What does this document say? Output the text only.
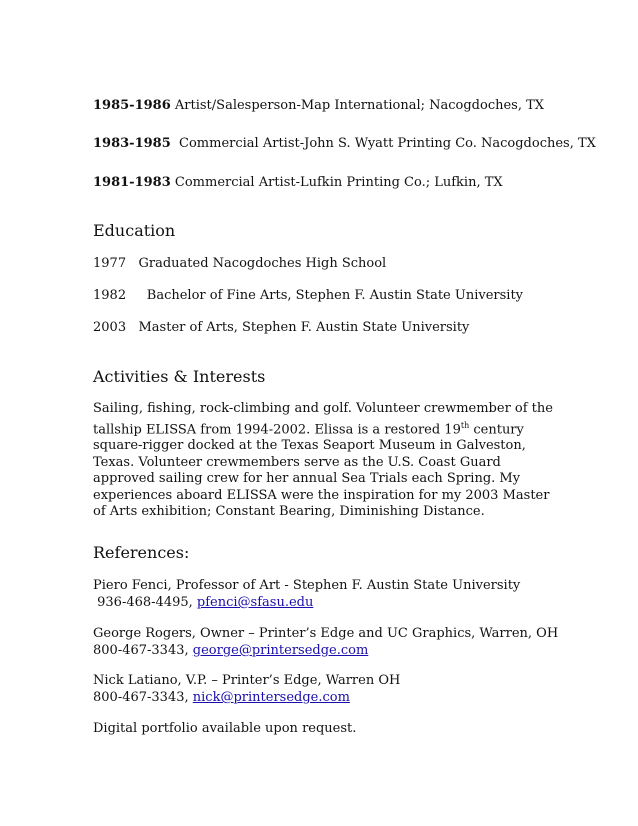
1985-1986 Artist/Salesperson-Map International; Nacogdoches, TX
1983-1985 Commercial Artist-John S. Wyatt Printing Co. Nacogdoches, TX
1981-1983 Commercial Artist-Lufkin Printing Co.; Lufkin, TX
Education
1977 Graduated Nacogdoches High School
1982 Bachelor of Fine Arts, Stephen F. Austin State University
2003 Master of Arts, Stephen F. Austin State University
Activities & Interests
Sailing, fishing, rock-climbing and golf. Volunteer crewmember of the tallship ELISSA from 1994-2002. Elissa is a restored 19th century square-rigger docked at the Texas Seaport Museum in Galveston, Texas. Volunteer crewmembers serve as the U.S. Coast Guard approved sailing crew for her annual Sea Trials each Spring. My experiences aboard ELISSA were the inspiration for my 2003 Master of Arts exhibition; Constant Bearing, Diminishing Distance.
References:
Piero Fenci, Professor of Art - Stephen F. Austin State University
936-468-4495, pfenci@sfasu.edu
George Rogers, Owner – Printer’s Edge and UC Graphics, Warren, OH
800-467-3343, george@printersedge.com
Nick Latiano, V.P. – Printer’s Edge, Warren OH
800-467-3343, nick@printersedge.com
Digital portfolio available upon request.
